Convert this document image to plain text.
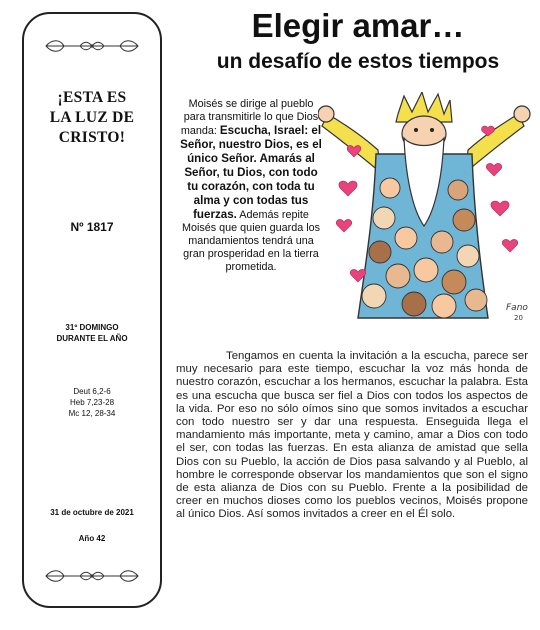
¡ESTA ES
LA LUZ DE
CRISTO!
Nº 1817
31º DOMINGO
DURANTE EL AÑO
Deut 6,2-6
Heb 7,23-28
Mc 12, 28-34
31 de octubre de 2021
Año 42
Elegir amar…
un desafío de estos tiempos
Moisés se dirige al pueblo para transmitirle lo que Dios manda: Escucha, Israel: el Señor, nuestro Dios, es el único Señor. Amarás al Señor, tu Dios, con todo tu corazón, con toda tu alma y con todas tus fuerzas. Además repite Moisés que quien guarda los mandamientos tendrá una gran prosperidad en la tierra prometida.
Fano
20
Tengamos en cuenta la invitación a la escucha, parece ser muy necesario para este tiempo, escuchar la voz más honda de nuestro corazón, escuchar a los hermanos, escuchar la palabra. Esta es una escucha que busca ser fiel a Dios con todos los aspectos de la vida. Por eso no sólo oímos sino que somos invitados a escuchar con todo nuestro ser y dar una respuesta. Enseguida llega el mandamiento más importante, meta y camino, amar a Dios con todo el ser, con todas las fuerzas. En esta alianza de amistad que sella Dios con su Pueblo, la acción de Dios pasa salvando y al Pueblo, al hombre le corresponde observar los mandamientos que son el signo de esta alianza de Dios con su Pueblo. Frente a la posibilidad de creer en muchos dioses como los pueblos vecinos, Moisés propone al único Dios. Así somos invitados a creer en el Él solo.
